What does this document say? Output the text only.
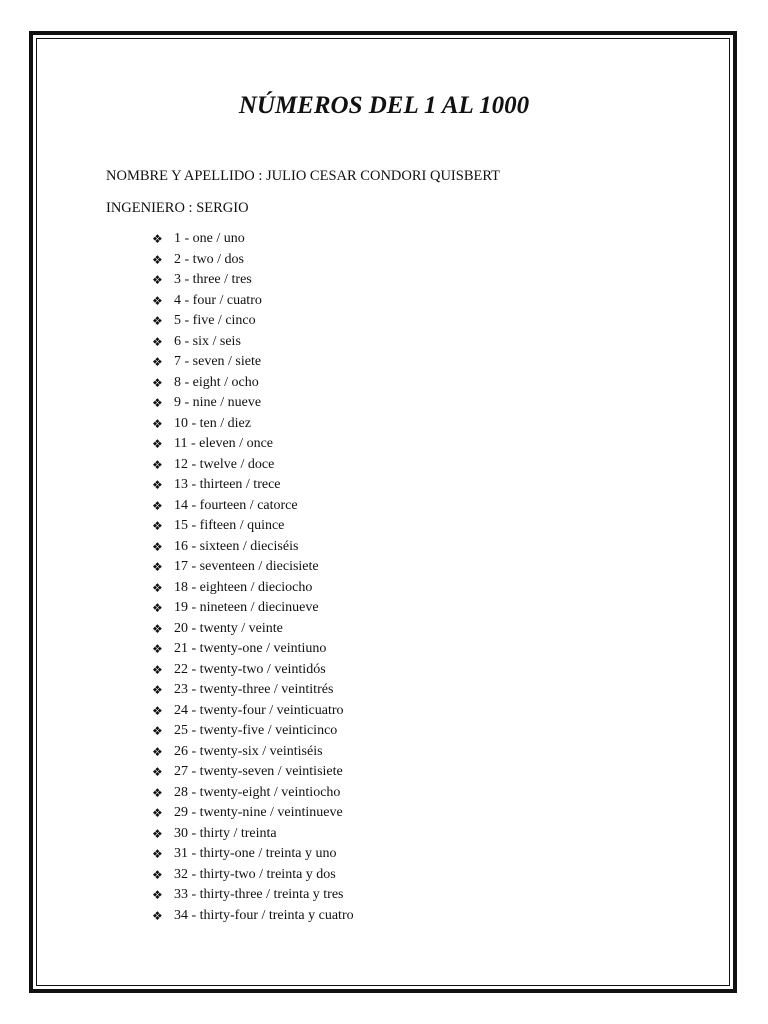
NÚMEROS DEL 1 AL 1000

NOMBRE Y APELLIDO : JULIO CESAR CONDORI QUISBERT

INGENIERO : SERGIO

❖ 1 - one / uno
❖ 2 - two / dos
❖ 3 - three / tres
❖ 4 - four / cuatro
❖ 5 - five / cinco
❖ 6 - six / seis
❖ 7 - seven / siete
❖ 8 - eight / ocho
❖ 9 - nine / nueve
❖ 10 - ten / diez
❖ 11 - eleven / once
❖ 12 - twelve / doce
❖ 13 - thirteen / trece
❖ 14 - fourteen / catorce
❖ 15 - fifteen / quince
❖ 16 - sixteen / dieciséis
❖ 17 - seventeen / diecisiete
❖ 18 - eighteen / dieciocho
❖ 19 - nineteen / diecinueve
❖ 20 - twenty / veinte
❖ 21 - twenty-one / veintiuno
❖ 22 - twenty-two / veintidós
❖ 23 - twenty-three / veintitrés
❖ 24 - twenty-four / veinticuatro
❖ 25 - twenty-five / veinticinco
❖ 26 - twenty-six / veintiséis
❖ 27 - twenty-seven / veintisiete
❖ 28 - twenty-eight / veintiocho
❖ 29 - twenty-nine / veintinueve
❖ 30 - thirty / treinta
❖ 31 - thirty-one / treinta y uno
❖ 32 - thirty-two / treinta y dos
❖ 33 - thirty-three / treinta y tres
❖ 34 - thirty-four / treinta y cuatro
